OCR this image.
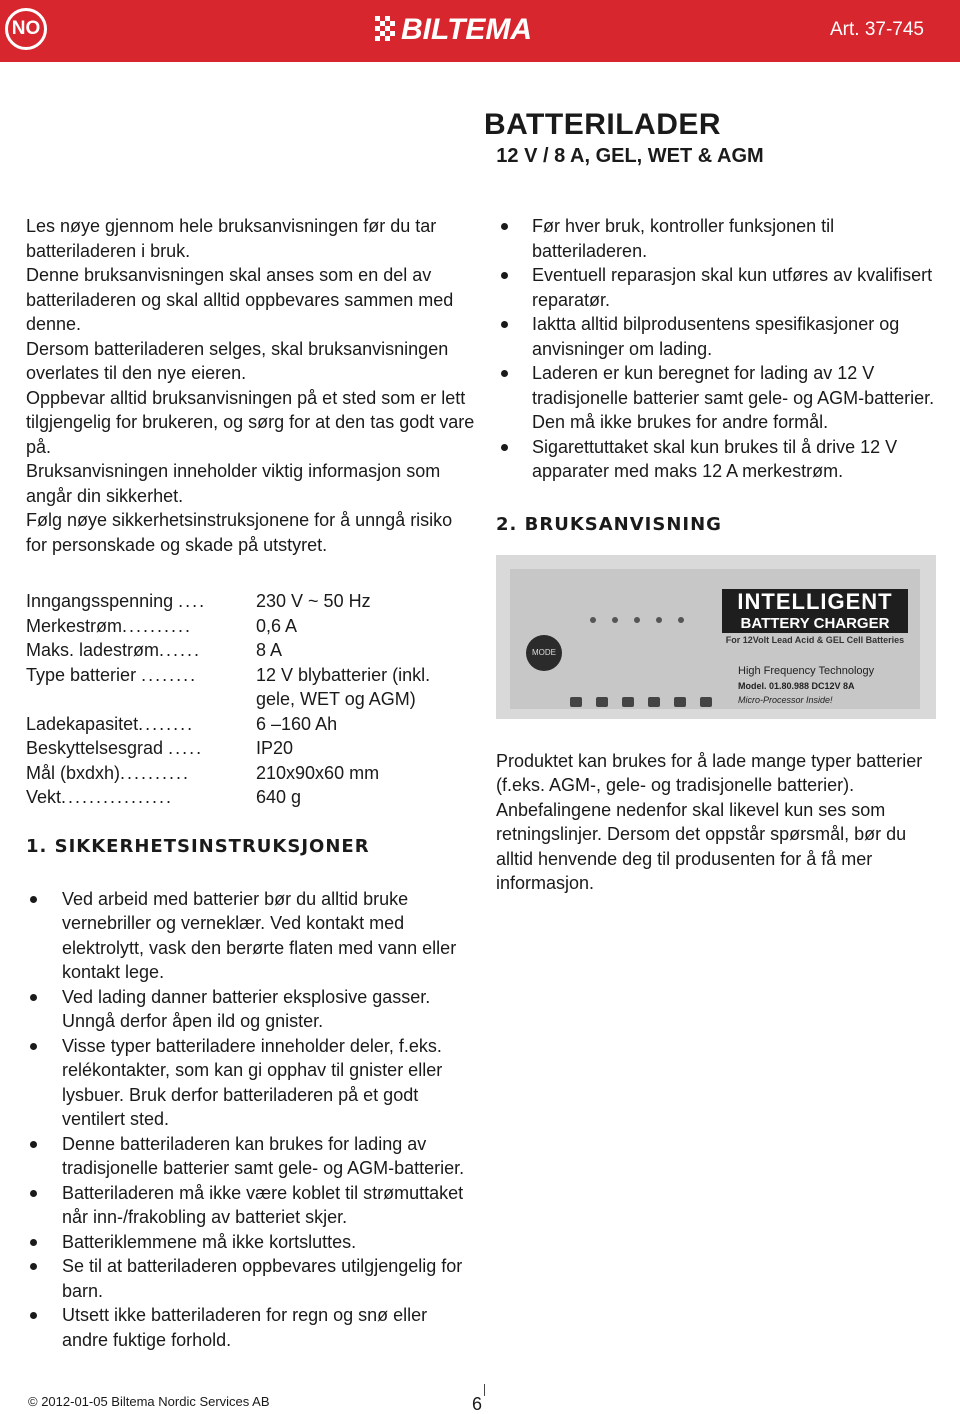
NO	BILTEMA	Art. 37-745
BATTERILADER
12 V / 8 A, GEL, WET & AGM

Les nøye gjennom hele bruksanvisningen før du tar batteriladeren i bruk.

Denne bruksanvisningen skal anses som en del av batteriladeren og skal alltid oppbevares sammen med denne.

Dersom batteriladeren selges, skal bruksanvisningen overlates til den nye eieren.

Oppbevar alltid bruksanvisningen på et sted som er lett tilgjengelig for brukeren, og sørg for at den tas godt vare på.

Bruksanvisningen inneholder viktig informasjon som angår din sikkerhet.

Følg nøye sikkerhetsinstruksjonene for å unngå risiko for personskade og skade på utstyret.

Inngangsspenning ....	230 V ~ 50 Hz
Merkestrøm..........	0,6 A
Maks. ladestrøm......	8 A
Type batterier ........	12 V blybatterier (inkl.
gele, WET og AGM)
Ladekapasitet........	6 –160 Ah
Beskyttelsesgrad .....	IP20
Mål (bxdxh)..........	210x90x60 mm
Vekt................	640 g
1. SIKKERHETSINSTRUKSJONER
Ved arbeid med batterier bør du alltid bruke vernebriller og verneklær. Ved kontakt med elektrolytt, vask den berørte flaten med vann eller kontakt lege.
Ved lading danner batterier eksplosive gasser. Unngå derfor åpen ild og gnister.
Visse typer batteriladere inneholder deler, f.eks. relékontakter, som kan gi opphav til gnister eller lysbuer. Bruk derfor batteriladeren på et godt ventilert sted.
Denne batteriladeren kan brukes for lading av tradisjonelle batterier samt gele- og AGM-batterier.
Batteriladeren må ikke være koblet til strømuttaket når inn-/frakobling av batteriet skjer.
Batteriklemmene må ikke kortsluttes.
Se til at batteriladeren oppbevares utilgjengelig for barn.
Utsett ikke batteriladeren for regn og snø eller andre fuktige forhold.
Før hver bruk, kontroller funksjonen til batteriladeren.
Eventuell reparasjon skal kun utføres av kvalifisert reparatør.
Iaktta alltid bilprodusentens spesifikasjoner og anvisninger om lading.
Laderen er kun beregnet for lading av 12 V tradisjonelle batterier samt gele- og AGM-batterier. Den må ikke brukes for andre formål.
Sigarettuttaket skal kun brukes til å drive 12 V apparater med maks 12 A merkestrøm.
2. BRUKSANVISNING
MODE
INTELLIGENT
BATTERY CHARGER
For 12Volt Lead Acid & GEL Cell Batteries
High Frequency Technology
Model. 01.80.988 DC12V 8A
Micro-Processor Inside!
Produktet kan brukes for å lade mange typer batterier (f.eks. AGM-, gele- og tradisjonelle batterier). Anbefalingene nedenfor skal likevel kun ses som retningslinjer. Dersom det oppstår spørsmål, bør du alltid henvende deg til produsenten for å få mer informasjon.
© 2012-01-05 Biltema Nordic Services AB	6
